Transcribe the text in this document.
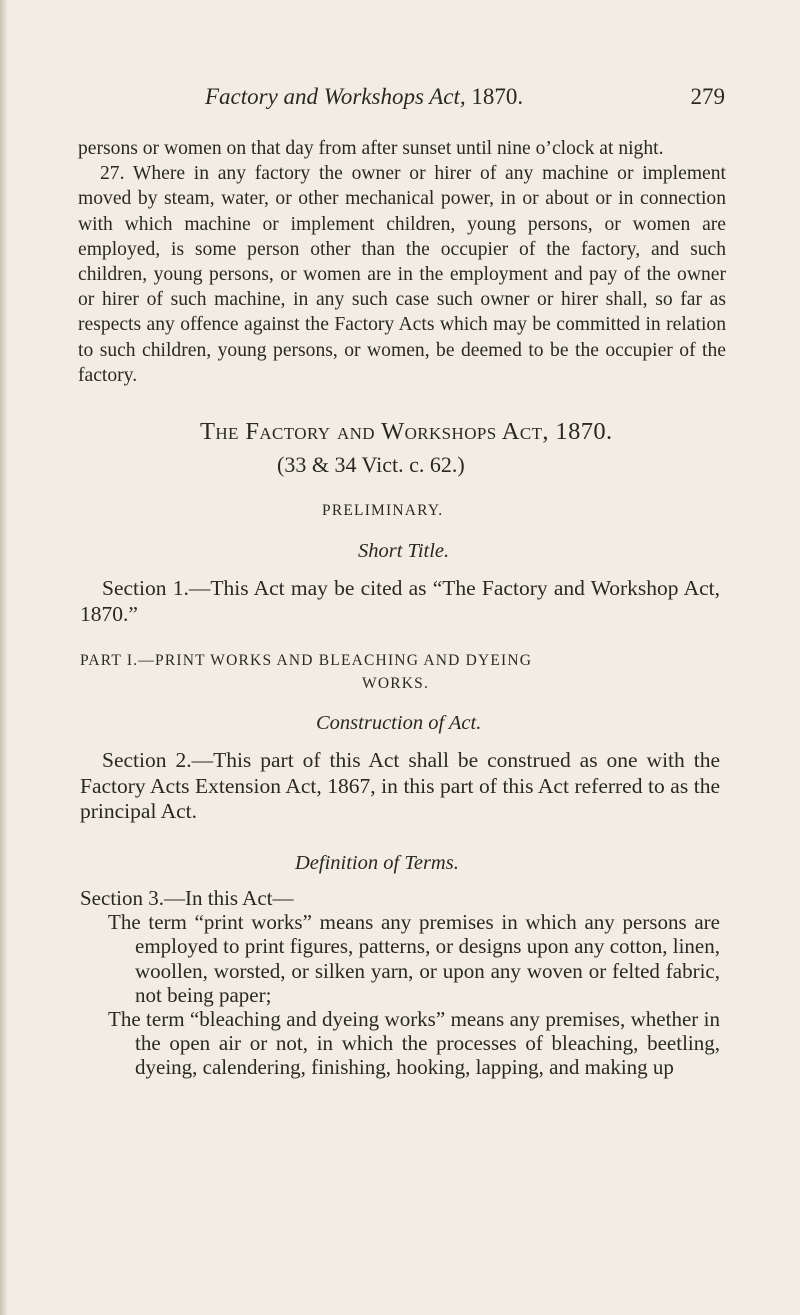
Factory and Workshops Act, 1870.	279

persons or women on that day from after sunset until nine o’clock at night.

27. Where in any factory the owner or hirer of any machine or implement moved by steam, water, or other mechanical power, in or about or in connection with which machine or implement children, young persons, or women are employed, is some person other than the occupier of the factory, and such children, young persons, or women are in the employment and pay of the owner or hirer of such machine, in any such case such owner or hirer shall, so far as respects any offence against the Factory Acts which may be committed in relation to such children, young persons, or women, be deemed to be the occupier of the factory.

The Factory and Workshops Act, 1870.
(33 & 34 Vict. c. 62.)
PRELIMINARY.
Short Title.

Section 1.—This Act may be cited as “The Factory and Workshop Act, 1870.”

PART I.—PRINT WORKS AND BLEACHING AND DYEING
WORKS.
Construction of Act.

Section 2.—This part of this Act shall be construed as one with the Factory Acts Extension Act, 1867, in this part of this Act referred to as the principal Act.

Definition of Terms.

Section 3.—In this Act—

The term “print works” means any premises in which any persons are employed to print figures, patterns, or designs upon any cotton, linen, woollen, worsted, or silken yarn, or upon any woven or felted fabric, not being paper;

The term “bleaching and dyeing works” means any premises, whether in the open air or not, in which the processes of bleaching, beetling, dyeing, calendering, finishing, hooking, lapping, and making up
